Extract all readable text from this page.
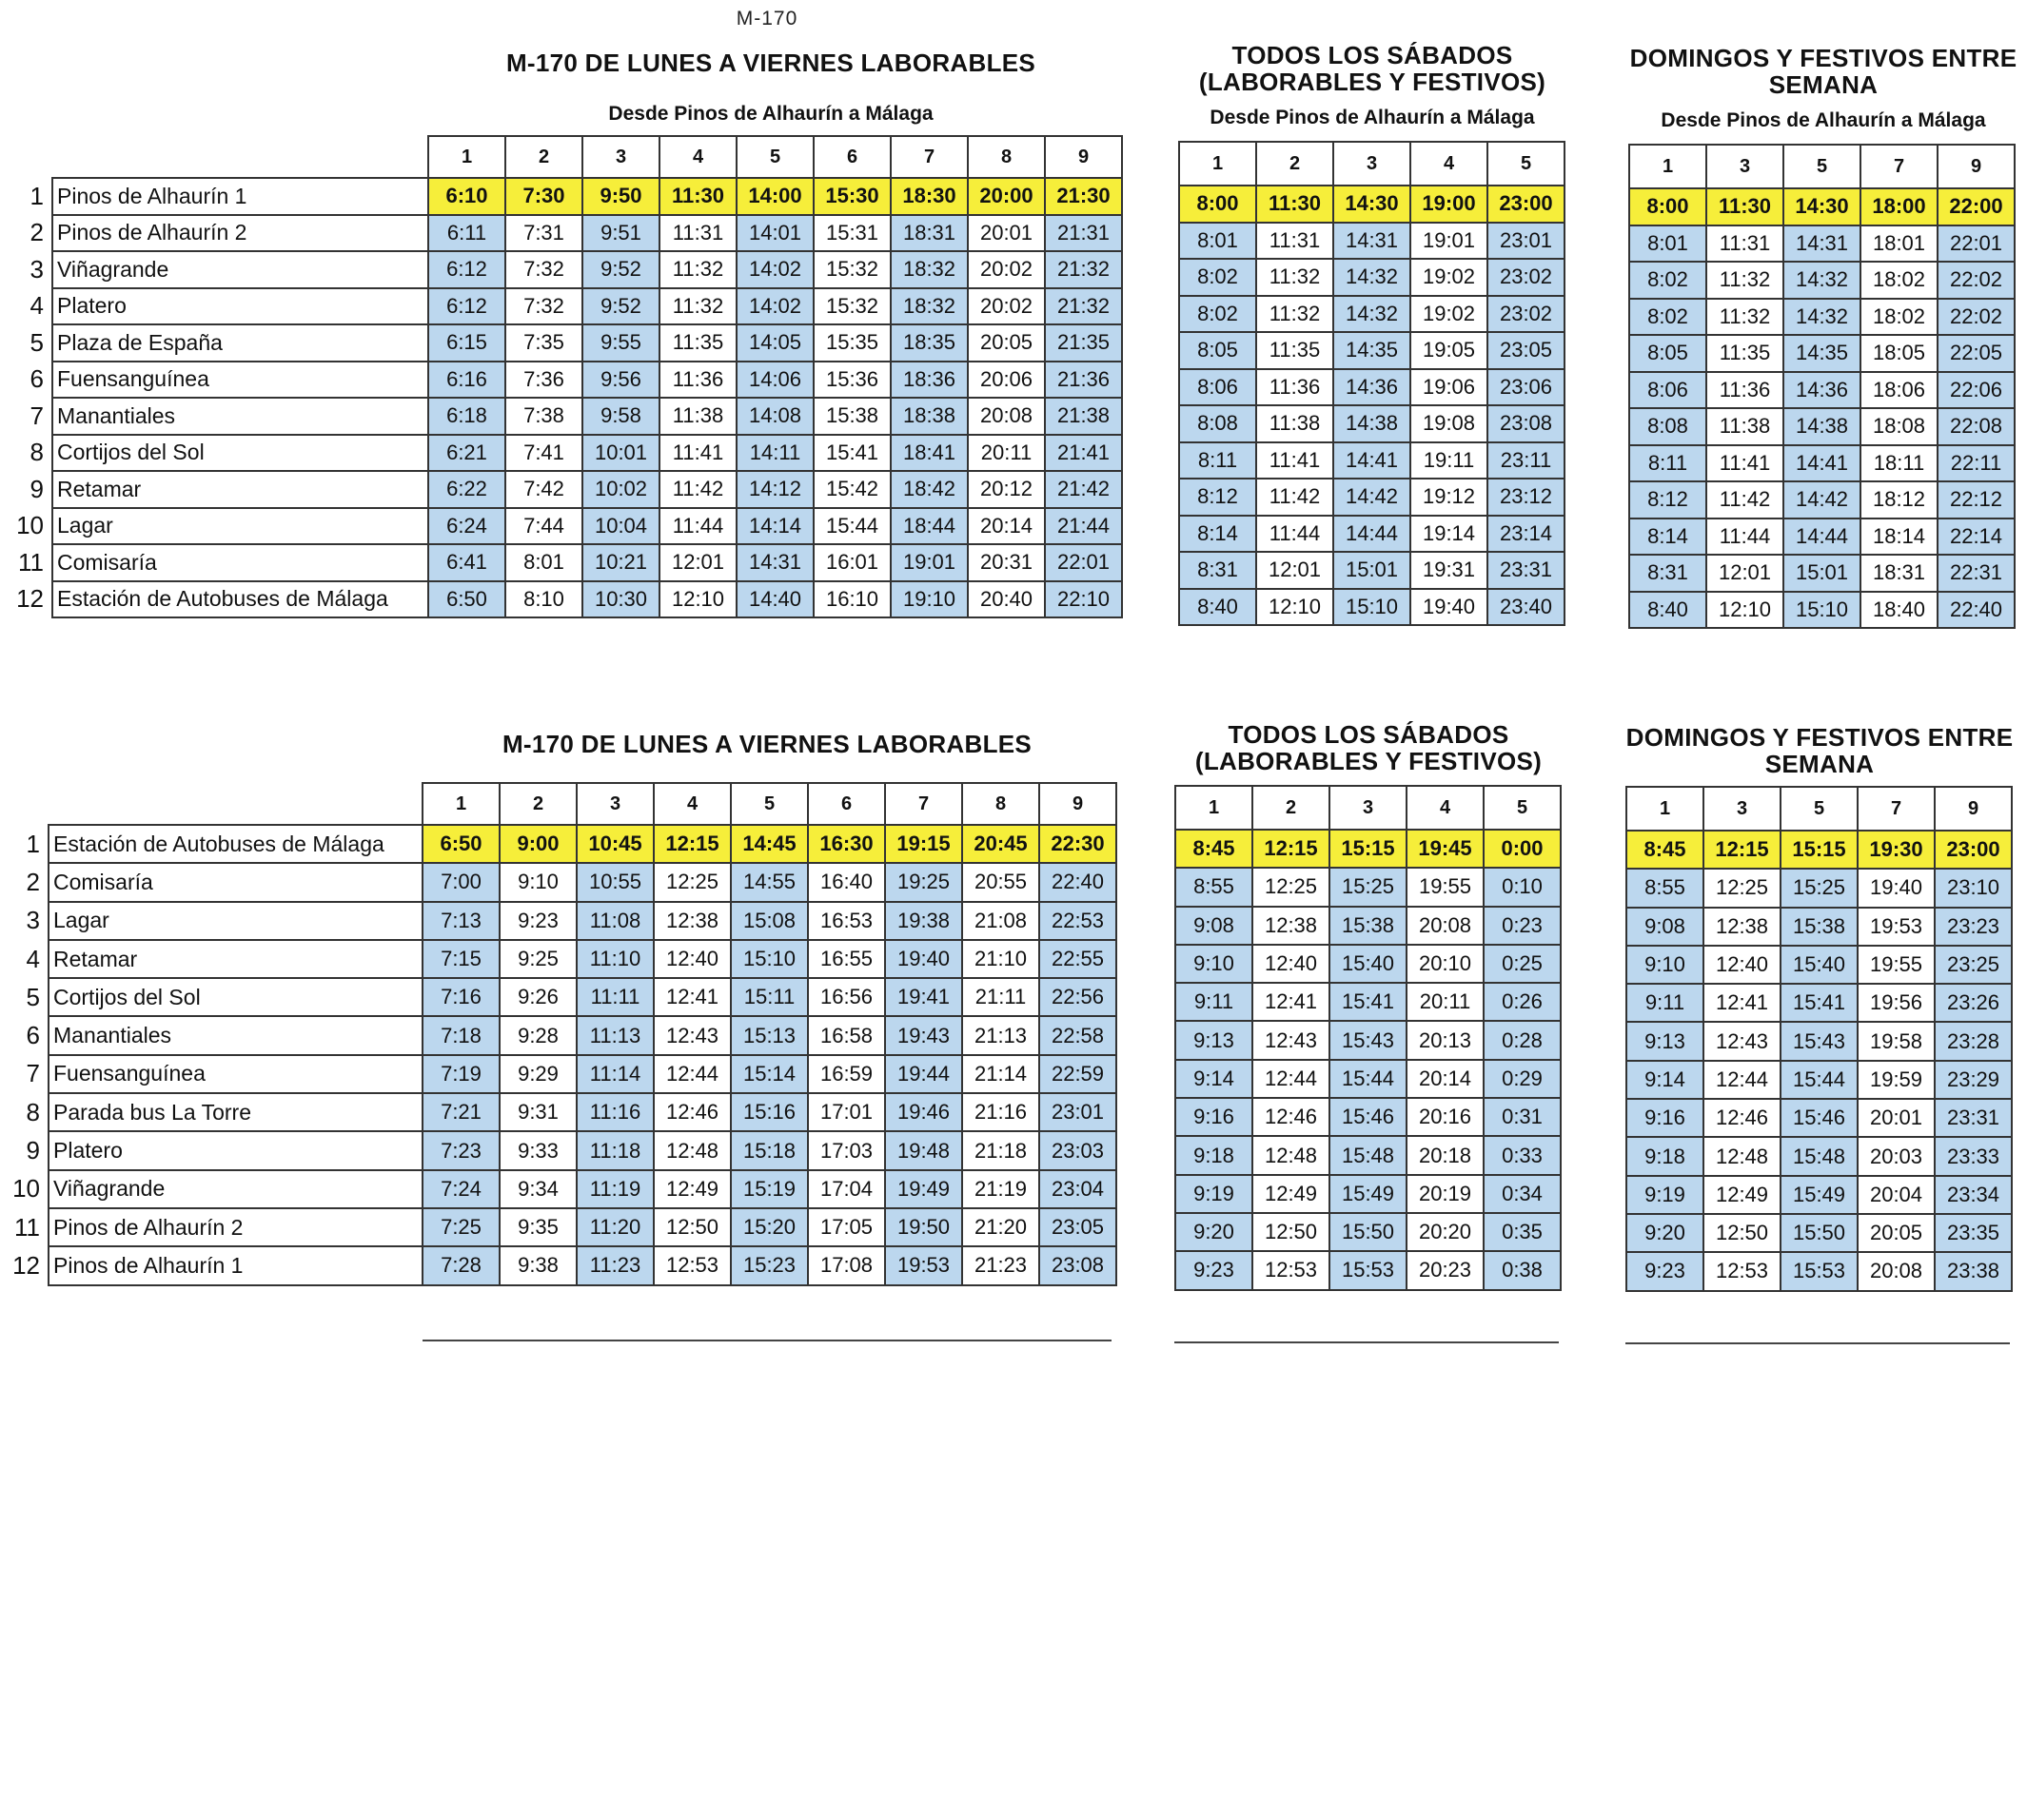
M-170

M-170 DE LUNES A VIERNES LABORABLES

Desde Pinos de Alhaurín a Málaga

TODOS LOS SÁBADOS

(LABORABLES Y FESTIVOS)

Desde Pinos de Alhaurín a Málaga

DOMINGOS Y FESTIVOS ENTRE

SEMANA

Desde Pinos de Alhaurín a Málaga

		1	2	3	4	5	6	7	8	9
1	Pinos de Alhaurín 1	6:10	7:30	9:50	11:30	14:00	15:30	18:30	20:00	21:30
2	Pinos de Alhaurín 2	6:11	7:31	9:51	11:31	14:01	15:31	18:31	20:01	21:31
3	Viñagrande	6:12	7:32	9:52	11:32	14:02	15:32	18:32	20:02	21:32
4	Platero	6:12	7:32	9:52	11:32	14:02	15:32	18:32	20:02	21:32
5	Plaza de España	6:15	7:35	9:55	11:35	14:05	15:35	18:35	20:05	21:35
6	Fuensanguínea	6:16	7:36	9:56	11:36	14:06	15:36	18:36	20:06	21:36
7	Manantiales	6:18	7:38	9:58	11:38	14:08	15:38	18:38	20:08	21:38
8	Cortijos del Sol	6:21	7:41	10:01	11:41	14:11	15:41	18:41	20:11	21:41
9	Retamar	6:22	7:42	10:02	11:42	14:12	15:42	18:42	20:12	21:42
10	Lagar	6:24	7:44	10:04	11:44	14:14	15:44	18:44	20:14	21:44
11	Comisaría	6:41	8:01	10:21	12:01	14:31	16:01	19:01	20:31	22:01
12	Estación de Autobuses de Málaga	6:50	8:10	10:30	12:10	14:40	16:10	19:10	20:40	22:10
1	2	3	4	5
8:00	11:30	14:30	19:00	23:00
8:01	11:31	14:31	19:01	23:01
8:02	11:32	14:32	19:02	23:02
8:02	11:32	14:32	19:02	23:02
8:05	11:35	14:35	19:05	23:05
8:06	11:36	14:36	19:06	23:06
8:08	11:38	14:38	19:08	23:08
8:11	11:41	14:41	19:11	23:11
8:12	11:42	14:42	19:12	23:12
8:14	11:44	14:44	19:14	23:14
8:31	12:01	15:01	19:31	23:31
8:40	12:10	15:10	19:40	23:40
1	3	5	7	9
8:00	11:30	14:30	18:00	22:00
8:01	11:31	14:31	18:01	22:01
8:02	11:32	14:32	18:02	22:02
8:02	11:32	14:32	18:02	22:02
8:05	11:35	14:35	18:05	22:05
8:06	11:36	14:36	18:06	22:06
8:08	11:38	14:38	18:08	22:08
8:11	11:41	14:41	18:11	22:11
8:12	11:42	14:42	18:12	22:12
8:14	11:44	14:44	18:14	22:14
8:31	12:01	15:01	18:31	22:31
8:40	12:10	15:10	18:40	22:40

M-170 DE LUNES A VIERNES LABORABLES	TODOS LOS SÁBADOS

(LABORABLES Y FESTIVOS)

DOMINGOS Y FESTIVOS ENTRE

SEMANA

		1	2	3	4	5	6	7	8	9
1	Estación de Autobuses de Málaga	6:50	9:00	10:45	12:15	14:45	16:30	19:15	20:45	22:30
2	Comisaría	7:00	9:10	10:55	12:25	14:55	16:40	19:25	20:55	22:40
3	Lagar	7:13	9:23	11:08	12:38	15:08	16:53	19:38	21:08	22:53
4	Retamar	7:15	9:25	11:10	12:40	15:10	16:55	19:40	21:10	22:55
5	Cortijos del Sol	7:16	9:26	11:11	12:41	15:11	16:56	19:41	21:11	22:56
6	Manantiales	7:18	9:28	11:13	12:43	15:13	16:58	19:43	21:13	22:58
7	Fuensanguínea	7:19	9:29	11:14	12:44	15:14	16:59	19:44	21:14	22:59
8	Parada bus La Torre	7:21	9:31	11:16	12:46	15:16	17:01	19:46	21:16	23:01
9	Platero	7:23	9:33	11:18	12:48	15:18	17:03	19:48	21:18	23:03
10	Viñagrande	7:24	9:34	11:19	12:49	15:19	17:04	19:49	21:19	23:04
11	Pinos de Alhaurín 2	7:25	9:35	11:20	12:50	15:20	17:05	19:50	21:20	23:05
12	Pinos de Alhaurín 1	7:28	9:38	11:23	12:53	15:23	17:08	19:53	21:23	23:08
1	2	3	4	5
8:45	12:15	15:15	19:45	0:00
8:55	12:25	15:25	19:55	0:10
9:08	12:38	15:38	20:08	0:23
9:10	12:40	15:40	20:10	0:25
9:11	12:41	15:41	20:11	0:26
9:13	12:43	15:43	20:13	0:28
9:14	12:44	15:44	20:14	0:29
9:16	12:46	15:46	20:16	0:31
9:18	12:48	15:48	20:18	0:33
9:19	12:49	15:49	20:19	0:34
9:20	12:50	15:50	20:20	0:35
9:23	12:53	15:53	20:23	0:38
1	3	5	7	9
8:45	12:15	15:15	19:30	23:00
8:55	12:25	15:25	19:40	23:10
9:08	12:38	15:38	19:53	23:23
9:10	12:40	15:40	19:55	23:25
9:11	12:41	15:41	19:56	23:26
9:13	12:43	15:43	19:58	23:28
9:14	12:44	15:44	19:59	23:29
9:16	12:46	15:46	20:01	23:31
9:18	12:48	15:48	20:03	23:33
9:19	12:49	15:49	20:04	23:34
9:20	12:50	15:50	20:05	23:35
9:23	12:53	15:53	20:08	23:38
